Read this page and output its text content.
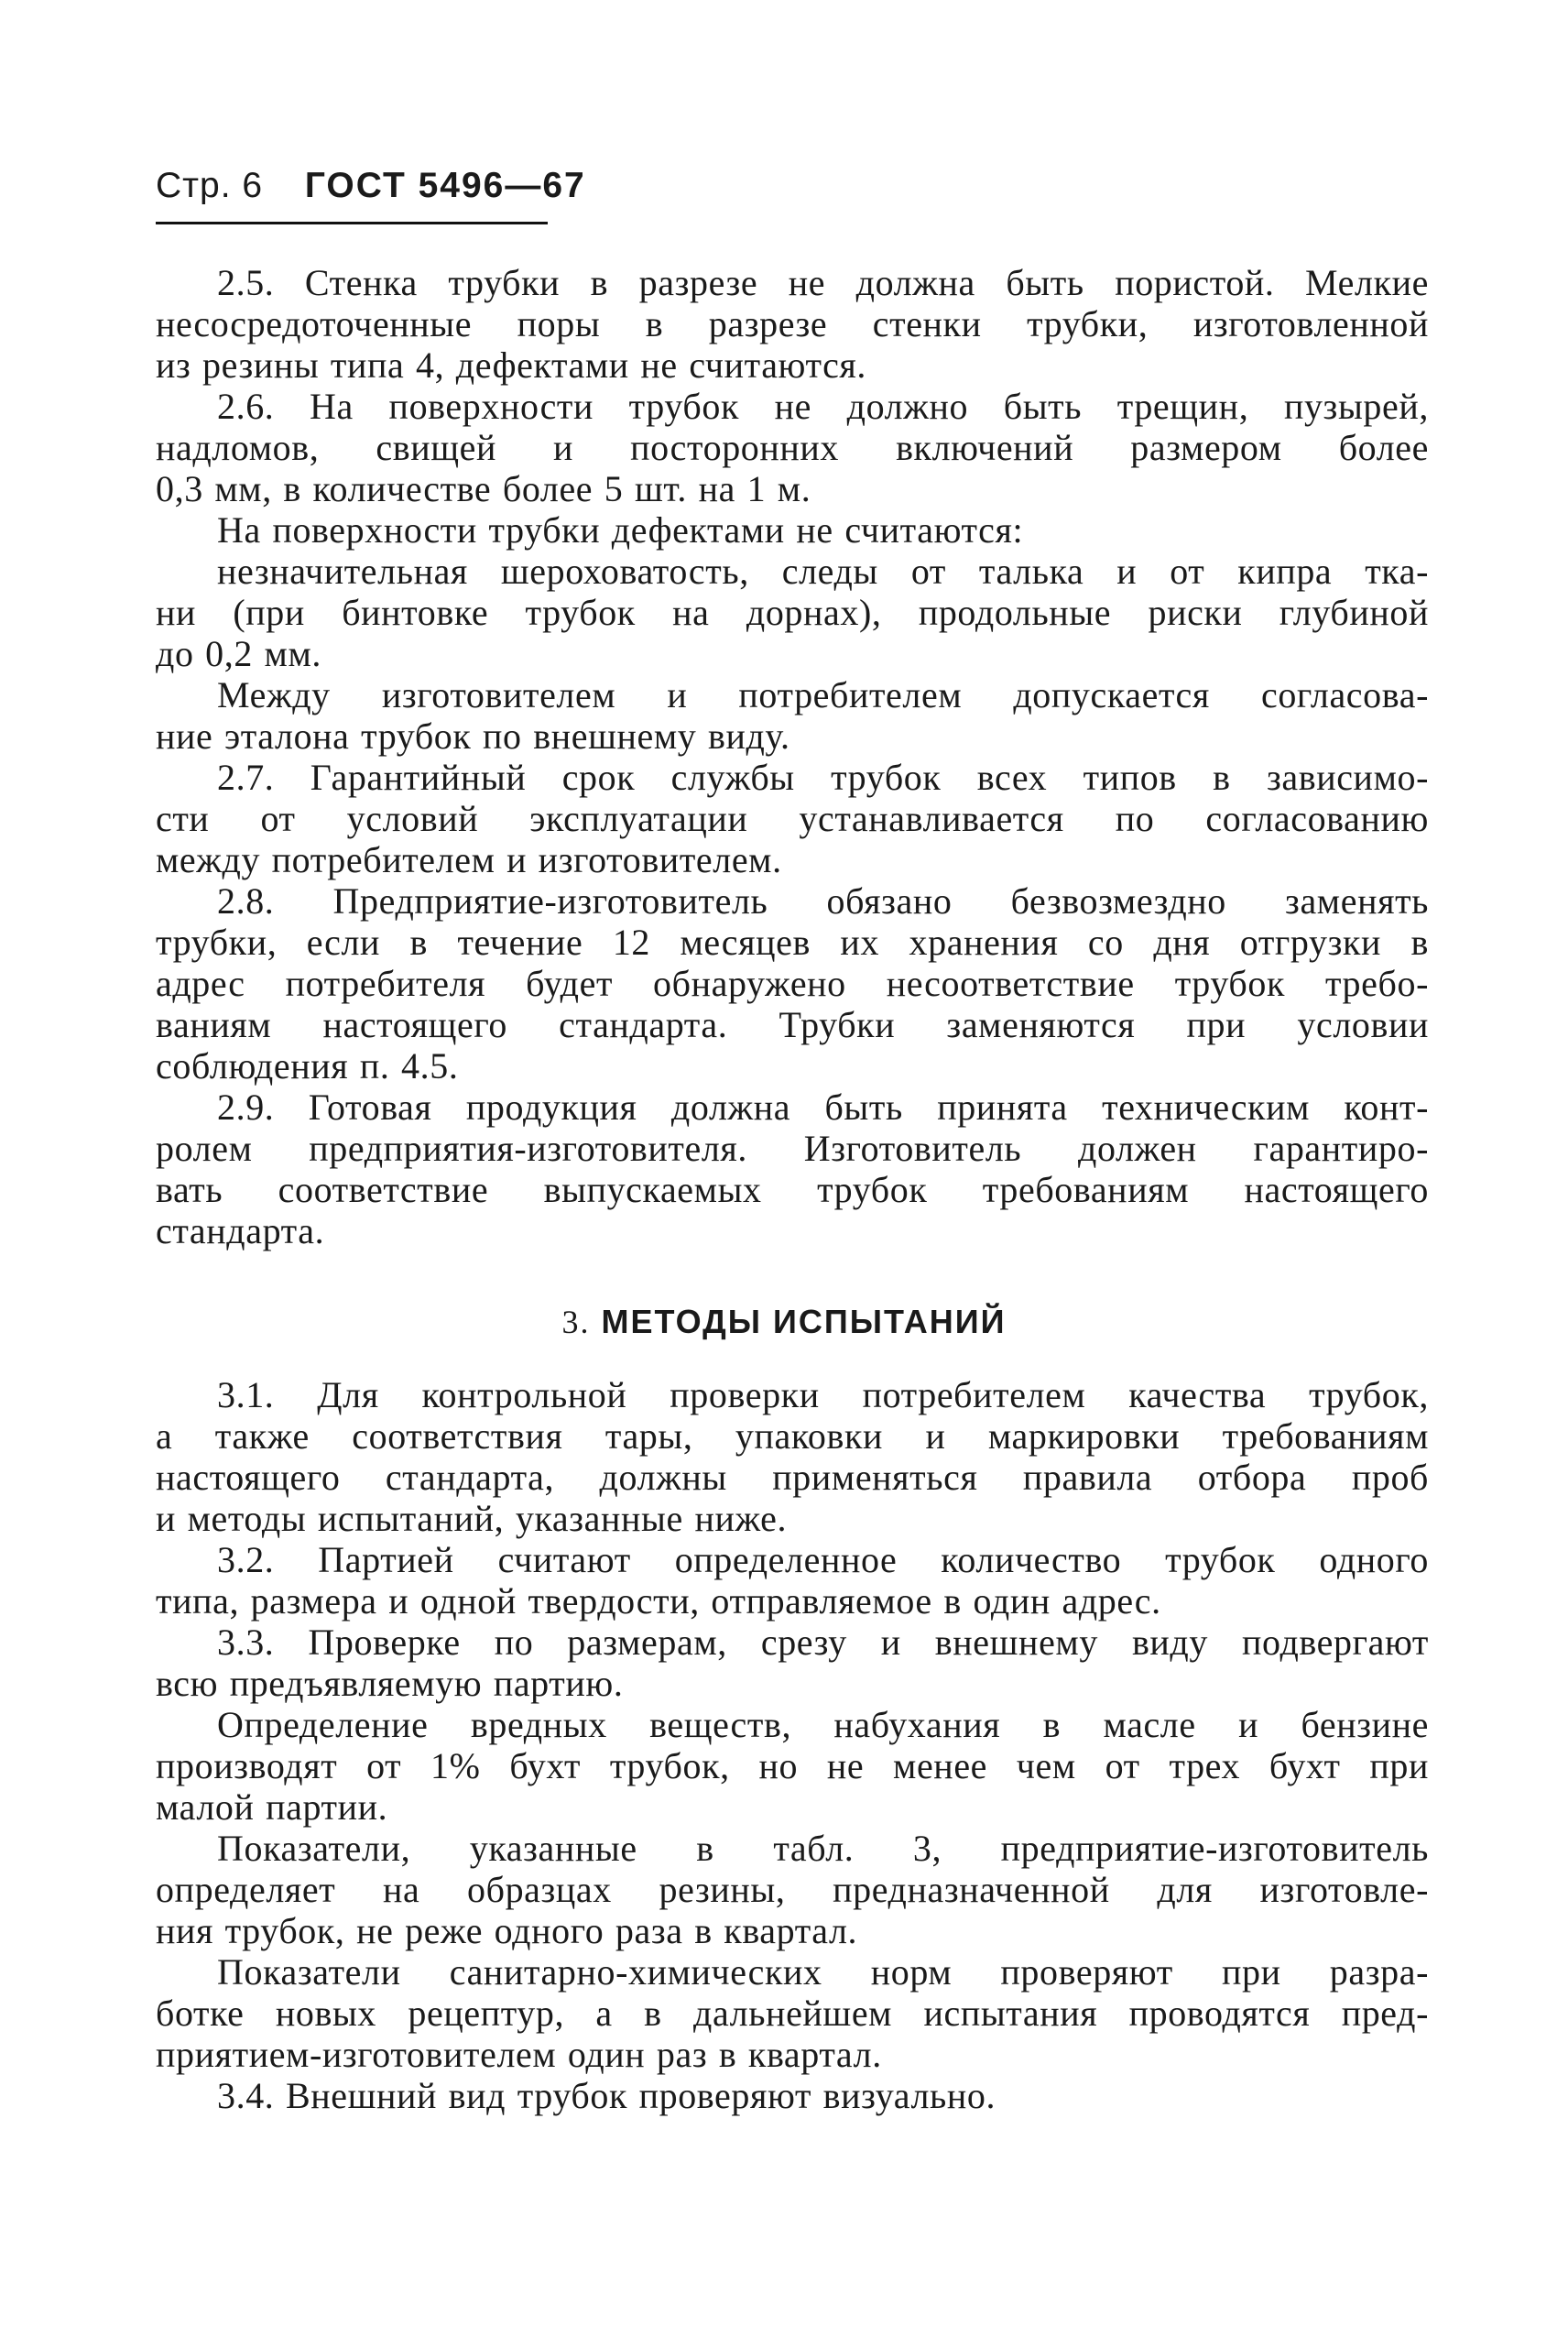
Стр. 6 ГОСТ 5496—67
2.5. Стенка трубки в разрезе не должна быть пористой. Мелкие
несосредоточенные поры в разрезе стенки трубки, изготовленной
из резины типа 4, дефектами не считаются.
2.6. На поверхности трубок не должно быть трещин, пузырей,
надломов, свищей и посторонних включений размером более
0,3 мм, в количестве более 5 шт. на 1 м.
На поверхности трубки дефектами не считаются:
незначительная шероховатость, следы от талька и от кипра тка-
ни (при бинтовке трубок на дорнах), продольные риски глубиной
до 0,2 мм.
Между изготовителем и потребителем допускается согласова-
ние эталона трубок по внешнему виду.
2.7. Гарантийный срок службы трубок всех типов в зависимо-
сти от условий эксплуатации устанавливается по согласованию
между потребителем и изготовителем.
2.8. Предприятие-изготовитель обязано безвозмездно заменять
трубки, если в течение 12 месяцев их хранения со дня отгрузки в
адрес потребителя будет обнаружено несоответствие трубок требо-
ваниям настоящего стандарта. Трубки заменяются при условии
соблюдения п. 4.5.
2.9. Готовая продукция должна быть принята техническим конт-
ролем предприятия-изготовителя. Изготовитель должен гарантиро-
вать соответствие выпускаемых трубок требованиям настоящего
стандарта.
3. МЕТОДЫ ИСПЫТАНИЙ
3.1. Для контрольной проверки потребителем качества трубок,
а также соответствия тары, упаковки и маркировки требованиям
настоящего стандарта, должны применяться правила отбора проб
и методы испытаний, указанные ниже.
3.2. Партией считают определенное количество трубок одного
типа, размера и одной твердости, отправляемое в один адрес.
3.3. Проверке по размерам, срезу и внешнему виду подвергают
всю предъявляемую партию.
Определение вредных веществ, набухания в масле и бензине
производят от 1% бухт трубок, но не менее чем от трех бухт при
малой партии.
Показатели, указанные в табл. 3, предприятие-изготовитель
определяет на образцах резины, предназначенной для изготовле-
ния трубок, не реже одного раза в квартал.
Показатели санитарно-химических норм проверяют при разра-
ботке новых рецептур, а в дальнейшем испытания проводятся пред-
приятием-изготовителем один раз в квартал.
3.4. Внешний вид трубок проверяют визуально.
